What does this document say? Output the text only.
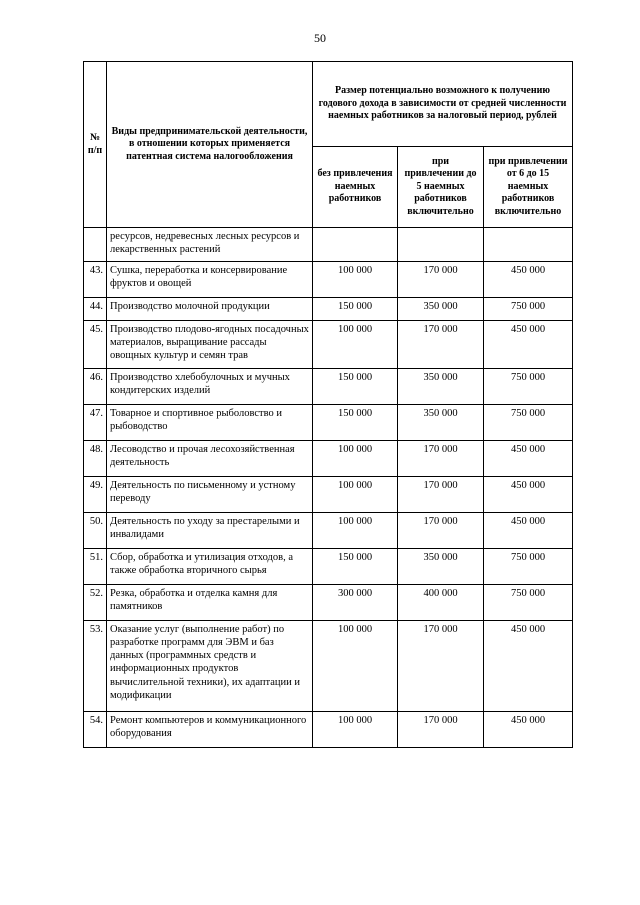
50
№ п/п	Виды предпринимательской деятельности, в отношении которых применяется патентная система налогообложения	Размер потенциально возможного к получению годового дохода в зависимости от средней численности наемных работников за налоговый период, рублей		
		без привлечения наемных работников	при привлечении до 5 наемных работников включительно	при привлечении от 6 до 15 наемных работников включительно
	ресурсов, недревесных лесных ресурсов и лекарственных растений			
43.	Сушка, переработка и консервирование фруктов и овощей	100 000	170 000	450 000
44.	Производство молочной продукции	150 000	350 000	750 000
45.	Производство плодово-ягодных посадочных материалов, выращивание рассады овощных культур и семян трав	100 000	170 000	450 000
46.	Производство хлебобулочных и мучных кондитерских изделий	150 000	350 000	750 000
47.	Товарное и спортивное рыболовство и рыбоводство	150 000	350 000	750 000
48.	Лесоводство и прочая лесохозяйственная деятельность	100 000	170 000	450 000
49.	Деятельность по письменному и устному переводу	100 000	170 000	450 000
50.	Деятельность по уходу за престарелыми и инвалидами	100 000	170 000	450 000
51.	Сбор, обработка и утилизация отходов, а также обработка вторичного сырья	150 000	350 000	750 000
52.	Резка, обработка и отделка камня для памятников	300 000	400 000	750 000
53.	Оказание услуг (выполнение работ) по разработке программ для ЭВМ и баз данных (программных средств и информационных продуктов вычислительной техники), их адаптации и модификации	100 000	170 000	450 000
54.	Ремонт компьютеров и коммуникационного оборудования	100 000	170 000	450 000
